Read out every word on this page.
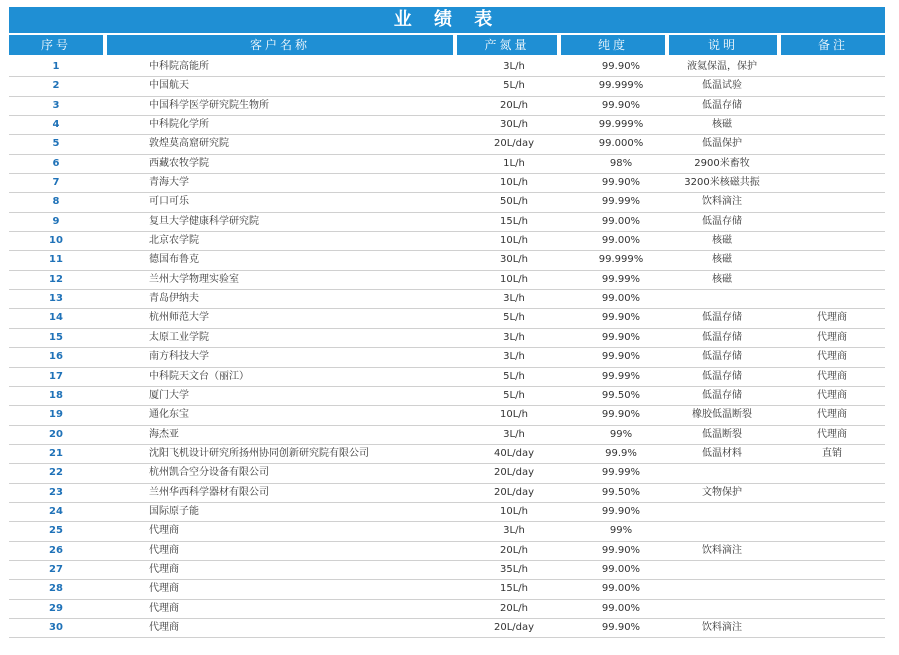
业 绩 表
序号	客户名称	产氮量	纯度	说明	备注
1	中科院高能所	3L/h	99.90%	液氦保温，保护
2	中国航天	5L/h	99.999%	低温试验
3	中国科学医学研究院生物所	20L/h	99.90%	低温存储
4	中科院化学所	30L/h	99.999%	核磁
5	敦煌莫高窟研究院	20L/day	99.000%	低温保护
6	西藏农牧学院	1L/h	98%	2900米畜牧
7	青海大学	10L/h	99.90%	3200米核磁共振
8	可口可乐	50L/h	99.99%	饮料滴注
9	复旦大学健康科学研究院	15L/h	99.00%	低温存储
10	北京农学院	10L/h	99.00%	核磁
11	德国布鲁克	30L/h	99.999%	核磁
12	兰州大学物理实验室	10L/h	99.99%	核磁
13	青岛伊纳夫	3L/h	99.00%
14	杭州师范大学	5L/h	99.90%	低温存储	代理商
15	太原工业学院	3L/h	99.90%	低温存储	代理商
16	南方科技大学	3L/h	99.90%	低温存储	代理商
17	中科院天文台（丽江）	5L/h	99.99%	低温存储	代理商
18	厦门大学	5L/h	99.50%	低温存储	代理商
19	通化东宝	10L/h	99.90%	橡胶低温断裂	代理商
20	海杰亚	3L/h	99%	低温断裂	代理商
21	沈阳飞机设计研究所扬州协同创新研究院有限公司	40L/day	99.9%	低温材料	直销
22	杭州凯合空分设备有限公司	20L/day	99.99%
23	兰州华西科学器材有限公司	20L/day	99.50%	文物保护
24	国际原子能	10L/h	99.90%
25	代理商	3L/h	99%
26	代理商	20L/h	99.90%	饮料滴注
27	代理商	35L/h	99.00%
28	代理商	15L/h	99.00%
29	代理商	20L/h	99.00%
30	代理商	20L/day	99.90%	饮料滴注
